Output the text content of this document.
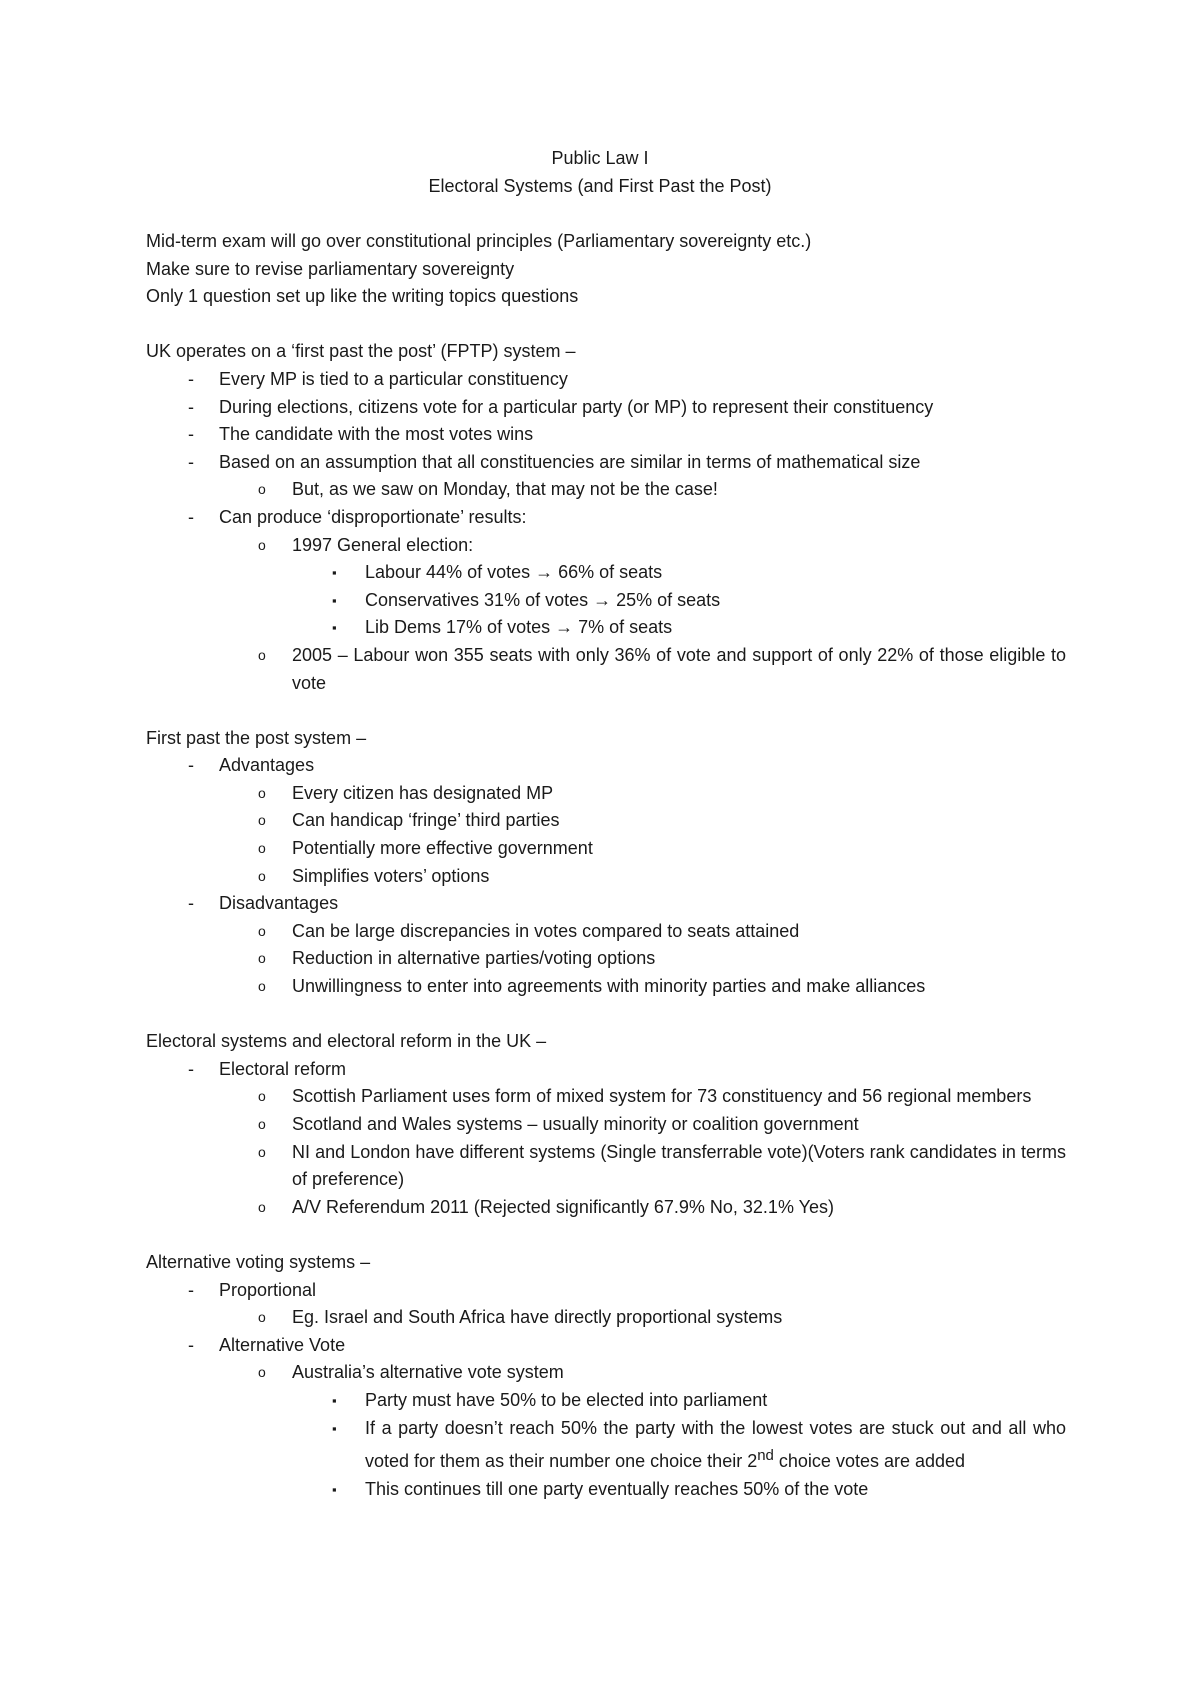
Public Law I
Electoral Systems (and First Past the Post)

Mid-term exam will go over constitutional principles (Parliamentary sovereignty etc.)

Make sure to revise parliamentary sovereignty

Only 1 question set up like the writing topics questions

UK operates on a ‘first past the post’ (FPTP) system –

- Every MP is tied to a particular constituency
- During elections, citizens vote for a particular party (or MP) to represent their constituency
- The candidate with the most votes wins
- Based on an assumption that all constituencies are similar in terms of mathematical size
o But, as we saw on Monday, that may not be the case!
- Can produce ‘disproportionate’ results:
o 1997 General election:
▪ Labour 44% of votes → 66% of seats
▪ Conservatives 31% of votes → 25% of seats
▪ Lib Dems 17% of votes → 7% of seats
o 2005 – Labour won 355 seats with only 36% of vote and support of only 22% of those eligible to vote

First past the post system –

- Advantages
o Every citizen has designated MP
o Can handicap ‘fringe’ third parties
o Potentially more effective government
o Simplifies voters’ options
- Disadvantages
o Can be large discrepancies in votes compared to seats attained
o Reduction in alternative parties/voting options
o Unwillingness to enter into agreements with minority parties and make alliances

Electoral systems and electoral reform in the UK –

- Electoral reform
o Scottish Parliament uses form of mixed system for 73 constituency and 56 regional members
o Scotland and Wales systems – usually minority or coalition government
o NI and London have different systems (Single transferrable vote)(Voters rank candidates in terms of preference)
o A/V Referendum 2011 (Rejected significantly 67.9% No, 32.1% Yes)

Alternative voting systems –

- Proportional
o Eg. Israel and South Africa have directly proportional systems
- Alternative Vote
o Australia’s alternative vote system
▪ Party must have 50% to be elected into parliament
▪ If a party doesn’t reach 50% the party with the lowest votes are stuck out and all who voted for them as their number one choice their 2nd choice votes are added
▪ This continues till one party eventually reaches 50% of the vote
